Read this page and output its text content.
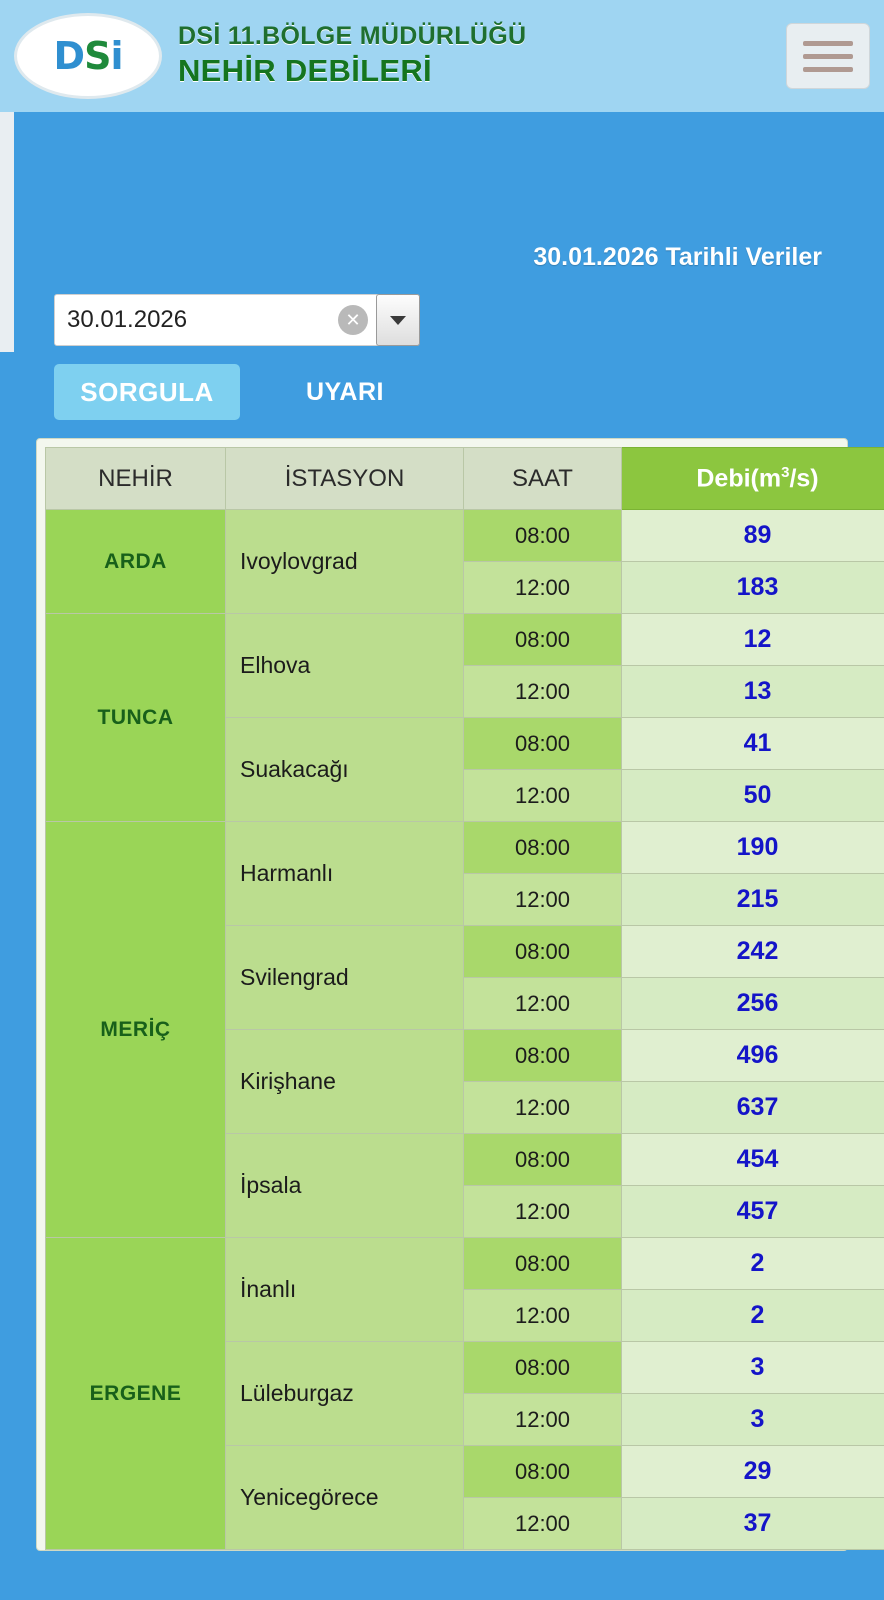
DSi DSİ 11.BÖLGE MÜDÜRLÜĞÜ
NEHİR DEBİLERİ
30.01.2026 Tarihli Veriler
30.01.2026	✕
SORGULA	UYARI
NEHİR	İSTASYON	SAAT	$Debi(m^3/s)$
ARDA	Ivoylovgrad	08:00	89
		12:00	183
TUNCA	Elhova	08:00	12
		12:00	13
	Suakacağı	08:00	41
		12:00	50
MERİÇ	Harmanlı	08:00	190
		12:00	215
	Svilengrad	08:00	242
		12:00	256
	Kirişhane	08:00	496
		12:00	637
	İpsala	08:00	454
		12:00	457
ERGENE	İnanlı	08:00	2
		12:00	2
	Lüleburgaz	08:00	3
		12:00	3
	Yenicegörece	08:00	29
		12:00	37
